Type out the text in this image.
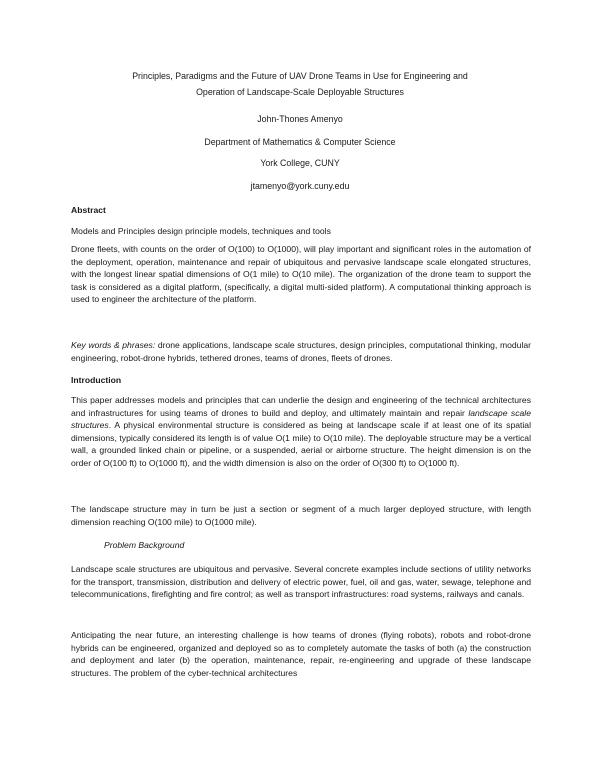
Principles, Paradigms and the Future of UAV Drone Teams in Use for Engineering and
Operation of Landscape-Scale Deployable Structures
John-Thones Amenyo
Department of Mathematics & Computer Science
York College, CUNY
jtamenyo@york.cuny.edu
Abstract

Models and Principles design principle models, techniques and tools

Drone fleets, with counts on the order of O(100) to O(1000), will play important and significant roles in the automation of the deployment, operation, maintenance and repair of ubiquitous and pervasive landscape scale elongated structures, with the longest linear spatial dimensions of O(1 mile) to O(10 mile). The organization of the drone team to support the task is considered as a digital platform, (specifically, a digital multi-sided platform). A computational thinking approach is used to engineer the architecture of the platform.

Key words & phrases: drone applications, landscape scale structures, design principles, computational thinking, modular engineering, robot-drone hybrids, tethered drones, teams of drones, fleets of drones.

Introduction

This paper addresses models and principles that can underlie the design and engineering of the technical architectures and infrastructures for using teams of drones to build and deploy, and ultimately maintain and repair landscape scale structures. A physical environmental structure is considered as being at landscape scale if at least one of its spatial dimensions, typically considered its length is of value O(1 mile) to O(10 mile). The deployable structure may be a vertical wall, a grounded linked chain or pipeline, or a suspended, aerial or airborne structure. The height dimension is on the order of O(100 ft) to O(1000 ft), and the width dimension is also on the order of O(300 ft) to O(1000 ft).

The landscape structure may in turn be just a section or segment of a much larger deployed structure, with length dimension reaching O(100 mile) to O(1000 mile).

Problem Background

Landscape scale structures are ubiquitous and pervasive. Several concrete examples include sections of utility networks for the transport, transmission, distribution and delivery of electric power, fuel, oil and gas, water, sewage, telephone and telecommunications, firefighting and fire control; as well as transport infrastructures: road systems, railways and canals.

Anticipating the near future, an interesting challenge is how teams of drones (flying robots), robots and robot-drone hybrids can be engineered, organized and deployed so as to completely automate the tasks of both (a) the construction and deployment and later (b) the operation, maintenance, repair, re-engineering and upgrade of these landscape structures. The problem of the cyber-technical architectures
